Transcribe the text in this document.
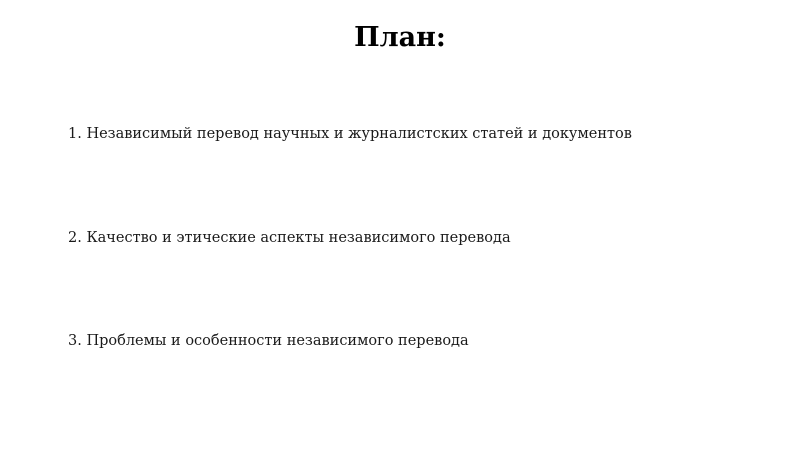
План:
1. Независимый перевод научных и журналистских статей и документов
2. Качество и этические аспекты независимого перевода
3. Проблемы и особенности независимого перевода
